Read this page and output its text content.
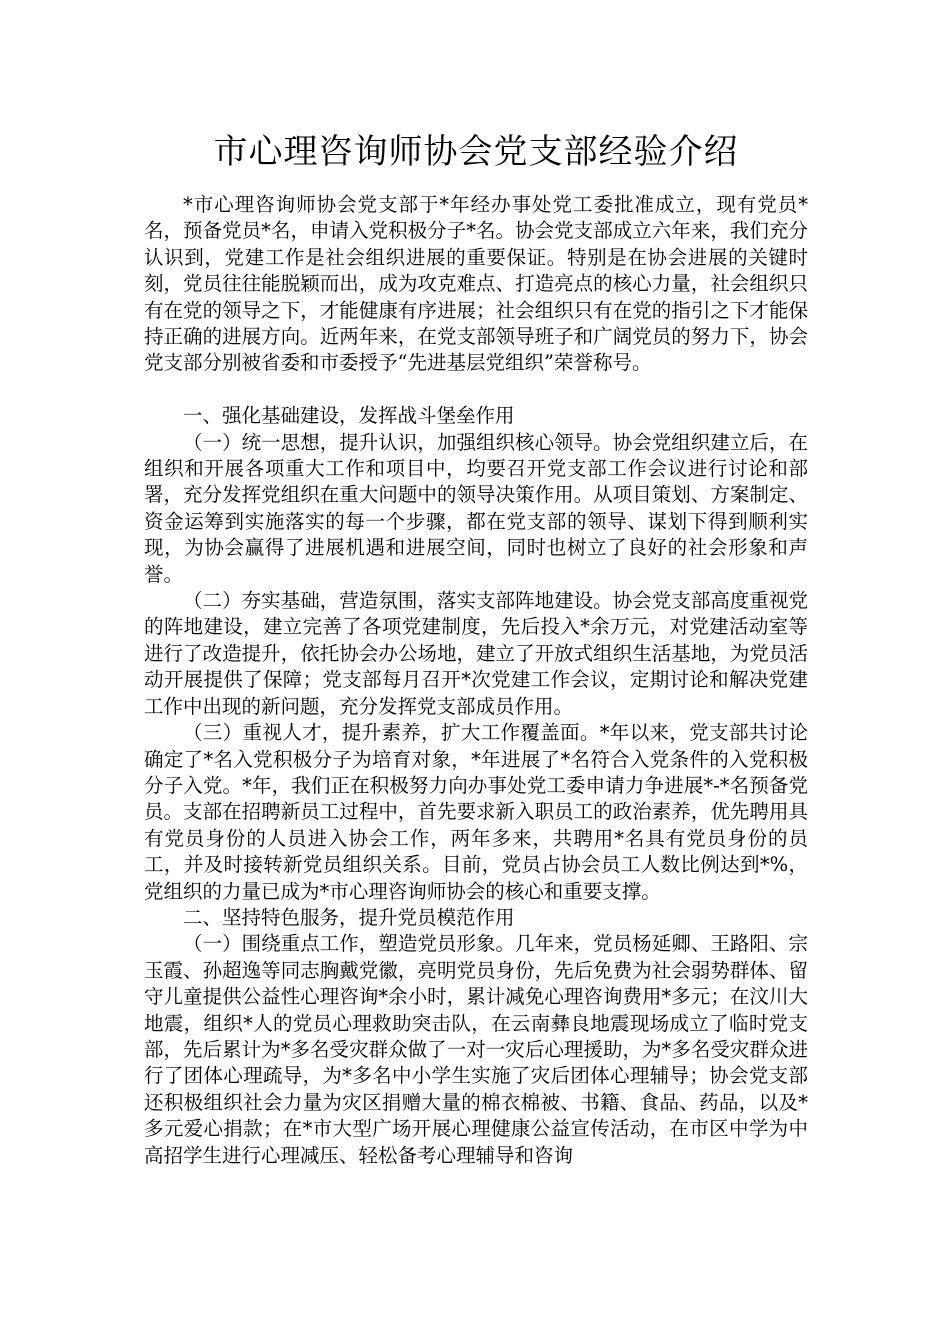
市心理咨询师协会党支部经验介绍

*市心理咨询师协会党支部于*年经办事处党工委批准成立，现有党员*名，预备党员*名，申请入党积极分子*名。协会党支部成立六年来，我们充分认识到，党建工作是社会组织进展的重要保证。特别是在协会进展的关键时刻，党员往往能脱颖而出，成为攻克难点、打造亮点的核心力量，社会组织只有在党的领导之下，才能健康有序进展；社会组织只有在党的指引之下才能保持正确的进展方向。近两年来，在党支部领导班子和广阔党员的努力下，协会党支部分别被省委和市委授予“先进基层党组织”荣誉称号。

一、强化基础建设，发挥战斗堡垒作用

（一）统一思想，提升认识，加强组织核心领导。协会党组织建立后，在组织和开展各项重大工作和项目中，均要召开党支部工作会议进行讨论和部署，充分发挥党组织在重大问题中的领导决策作用。从项目策划、方案制定、资金运筹到实施落实的每一个步骤，都在党支部的领导、谋划下得到顺利实现，为协会赢得了进展机遇和进展空间，同时也树立了良好的社会形象和声誉。

（二）夯实基础，营造氛围，落实支部阵地建设。协会党支部高度重视党的阵地建设，建立完善了各项党建制度，先后投入*余万元，对党建活动室等进行了改造提升，依托协会办公场地，建立了开放式组织生活基地，为党员活动开展提供了保障；党支部每月召开*次党建工作会议，定期讨论和解决党建工作中出现的新问题，充分发挥党支部成员作用。

（三）重视人才，提升素养，扩大工作覆盖面。*年以来，党支部共讨论确定了*名入党积极分子为培育对象，*年进展了*名符合入党条件的入党积极分子入党。*年，我们正在积极努力向办事处党工委申请力争进展*-*名预备党员。支部在招聘新员工过程中，首先要求新入职员工的政治素养，优先聘用具有党员身份的人员进入协会工作，两年多来，共聘用*名具有党员身份的员工，并及时接转新党员组织关系。目前，党员占协会员工人数比例达到*%，党组织的力量已成为*市心理咨询师协会的核心和重要支撑。

二、坚持特色服务，提升党员模范作用

（一）围绕重点工作，塑造党员形象。几年来，党员杨延卿、王路阳、宗玉霞、孙超逸等同志胸戴党徽，亮明党员身份，先后免费为社会弱势群体、留守儿童提供公益性心理咨询*余小时，累计减免心理咨询费用*多元；在汶川大地震，组织*人的党员心理救助突击队，在云南彝良地震现场成立了临时党支部，先后累计为*多名受灾群众做了一对一灾后心理援助，为*多名受灾群众进行了团体心理疏导，为*多名中小学生实施了灾后团体心理辅导；协会党支部还积极组织社会力量为灾区捐赠大量的棉衣棉被、书籍、食品、药品，以及*多元爱心捐款；在*市大型广场开展心理健康公益宣传活动，在市区中学为中高招学生进行心理减压、轻松备考心理辅导和咨询
